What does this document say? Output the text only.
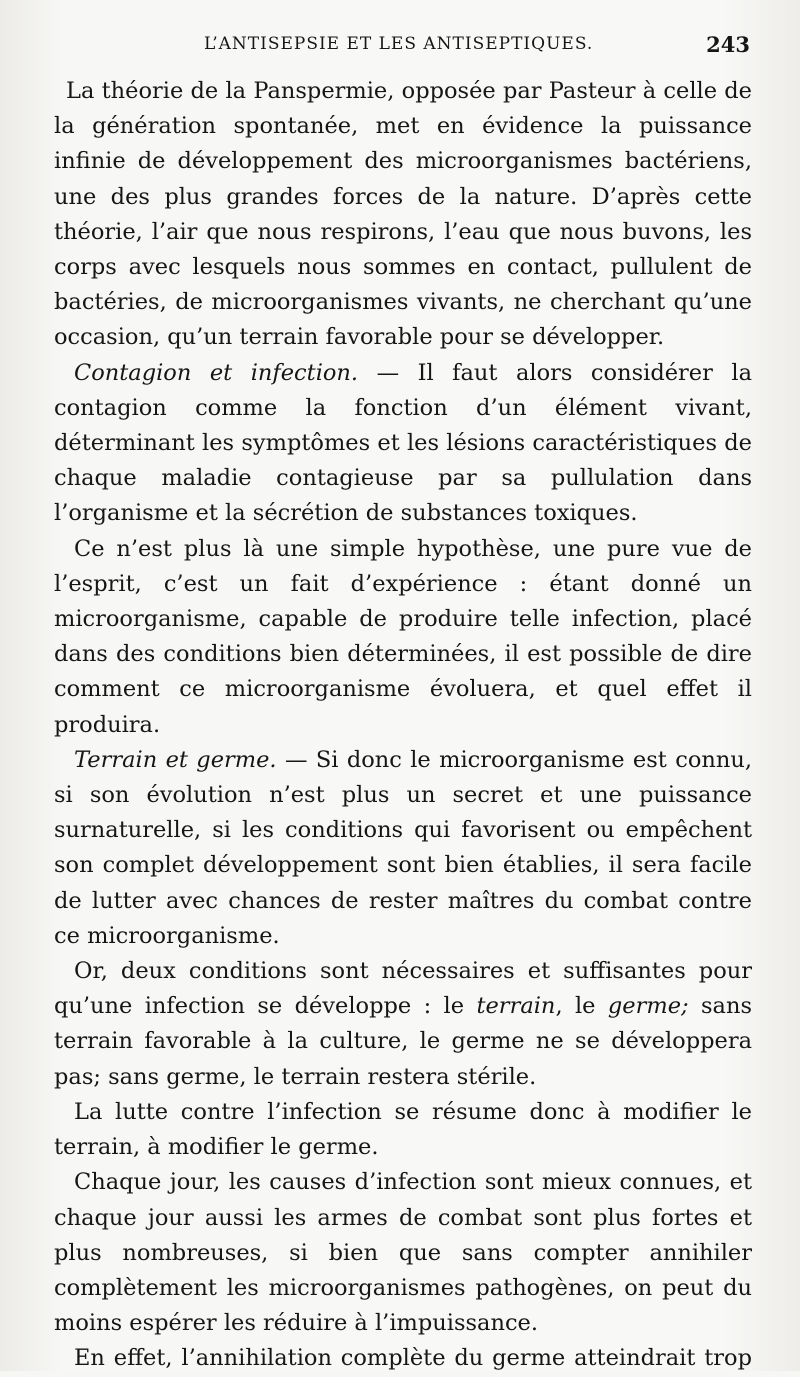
L’ANTISEPSIE ET LES ANTISEPTIQUES.	243

La théorie de la Panspermie, opposée par Pasteur à celle de la génération spontanée, met en évidence la puissance infinie de développement des microorganismes bactériens, une des plus grandes forces de la nature. D’après cette théorie, l’air que nous respirons, l’eau que nous buvons, les corps avec lesquels nous sommes en contact, pullulent de bactéries, de microorganismes vivants, ne cherchant qu’une occasion, qu’un terrain favorable pour se développer.

Contagion et infection. — Il faut alors considérer la contagion comme la fonction d’un élément vivant, déterminant les symptômes et les lésions caractéristiques de chaque maladie contagieuse par sa pullulation dans l’organisme et la sécrétion de substances toxiques.

Ce n’est plus là une simple hypothèse, une pure vue de l’esprit, c’est un fait d’expérience : étant donné un microorganisme, capable de produire telle infection, placé dans des conditions bien déterminées, il est possible de dire comment ce microorganisme évoluera, et quel effet il produira.

Terrain et germe. — Si donc le microorganisme est connu, si son évolution n’est plus un secret et une puissance surnaturelle, si les conditions qui favorisent ou empêchent son complet développement sont bien établies, il sera facile de lutter avec chances de rester maîtres du combat contre ce microorganisme.

Or, deux conditions sont nécessaires et suffisantes pour qu’une infection se développe : le terrain, le germe; sans terrain favorable à la culture, le germe ne se développera pas; sans germe, le terrain restera stérile.

La lutte contre l’infection se résume donc à modifier le terrain, à modifier le germe.

Chaque jour, les causes d’infection sont mieux connues, et chaque jour aussi les armes de combat sont plus fortes et plus nombreuses, si bien que sans compter annihiler complètement les microorganismes pathogènes, on peut du moins espérer les réduire à l’impuissance.

En effet, l’annihilation complète du germe atteindrait trop
